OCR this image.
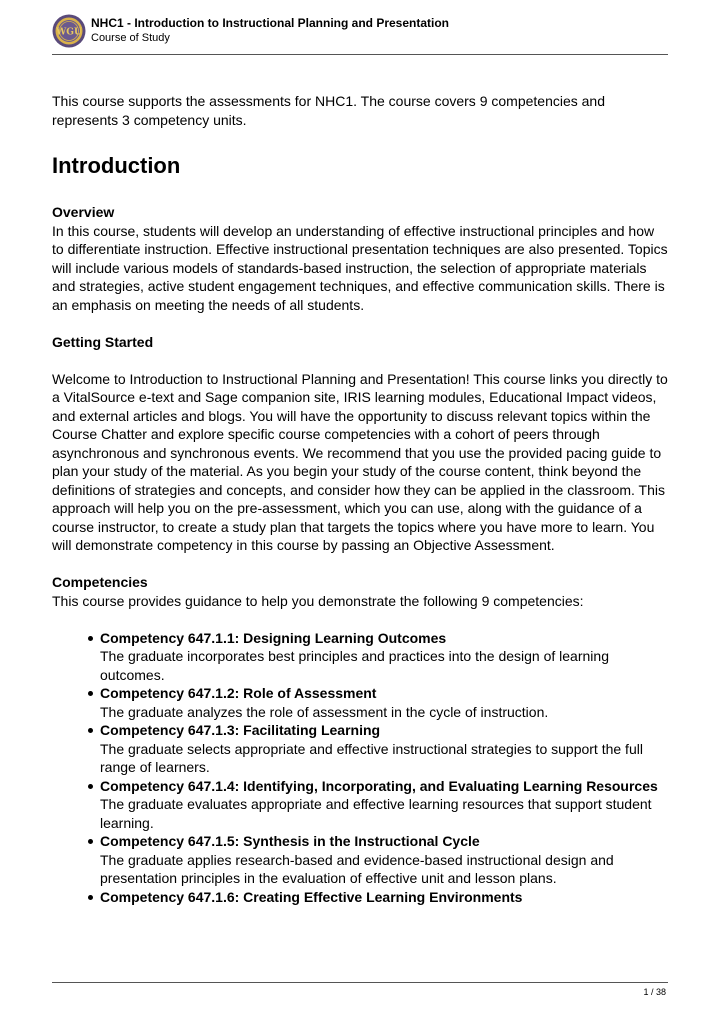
WGU
NHC1 - Introduction to Instructional Planning and Presentation
Course of Study

This course supports the assessments for NHC1. The course covers 9 competencies and represents 3 competency units.

Introduction
Overview

In this course, students will develop an understanding of effective instructional principles and how to differentiate instruction. Effective instructional presentation techniques are also presented. Topics will include various models of standards-based instruction, the selection of appropriate materials and strategies, active student engagement techniques, and effective communication skills. There is an emphasis on meeting the needs of all students.

Getting Started

Welcome to Introduction to Instructional Planning and Presentation! This course links you directly to a VitalSource e-text and Sage companion site, IRIS learning modules, Educational Impact videos, and external articles and blogs. You will have the opportunity to discuss relevant topics within the Course Chatter and explore specific course competencies with a cohort of peers through asynchronous and synchronous events. We recommend that you use the provided pacing guide to plan your study of the material. As you begin your study of the course content, think beyond the definitions of strategies and concepts, and consider how they can be applied in the classroom. This approach will help you on the pre-assessment, which you can use, along with the guidance of a course instructor, to create a study plan that targets the topics where you have more to learn. You will demonstrate competency in this course by passing an Objective Assessment.

Competencies

This course provides guidance to help you demonstrate the following 9 competencies:

Competency 647.1.1: Designing Learning Outcomes
The graduate incorporates best principles and practices into the design of learning outcomes.
Competency 647.1.2: Role of Assessment
The graduate analyzes the role of assessment in the cycle of instruction.
Competency 647.1.3: Facilitating Learning
The graduate selects appropriate and effective instructional strategies to support the full range of learners.
Competency 647.1.4: Identifying, Incorporating, and Evaluating Learning Resources
The graduate evaluates appropriate and effective learning resources that support student learning.
Competency 647.1.5: Synthesis in the Instructional Cycle
The graduate applies research-based and evidence-based instructional design and presentation principles in the evaluation of effective unit and lesson plans.
Competency 647.1.6: Creating Effective Learning Environments
1 / 38
